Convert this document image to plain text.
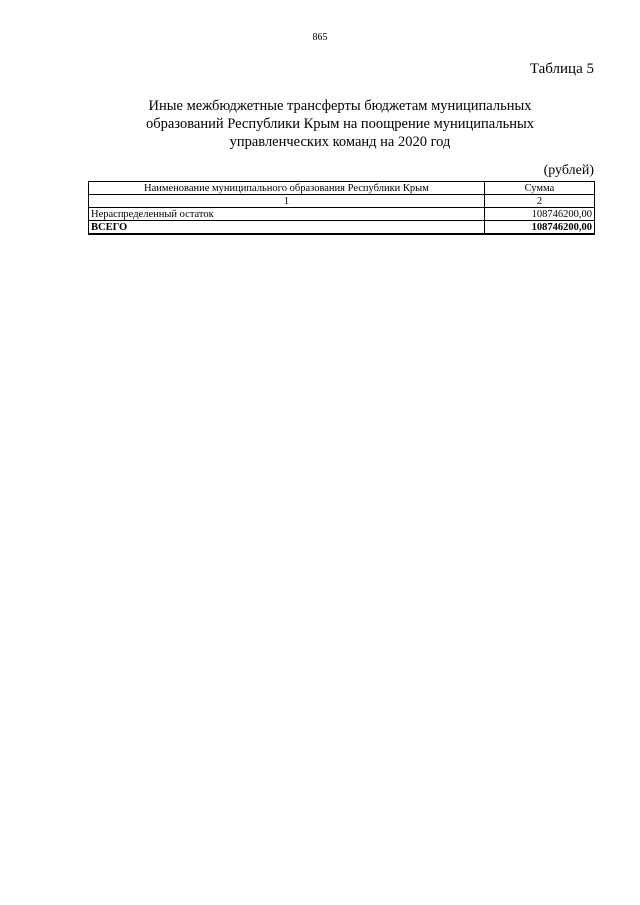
865
Таблица 5
Иные межбюджетные трансферты бюджетам муниципальных
образований Республики Крым на поощрение муниципальных
управленческих команд на 2020 год
(рублей)
Наименование муниципального образования Республики Крым	Сумма
1	2
Нераспределенный остаток	108746200,00
ВСЕГО	108746200,00
